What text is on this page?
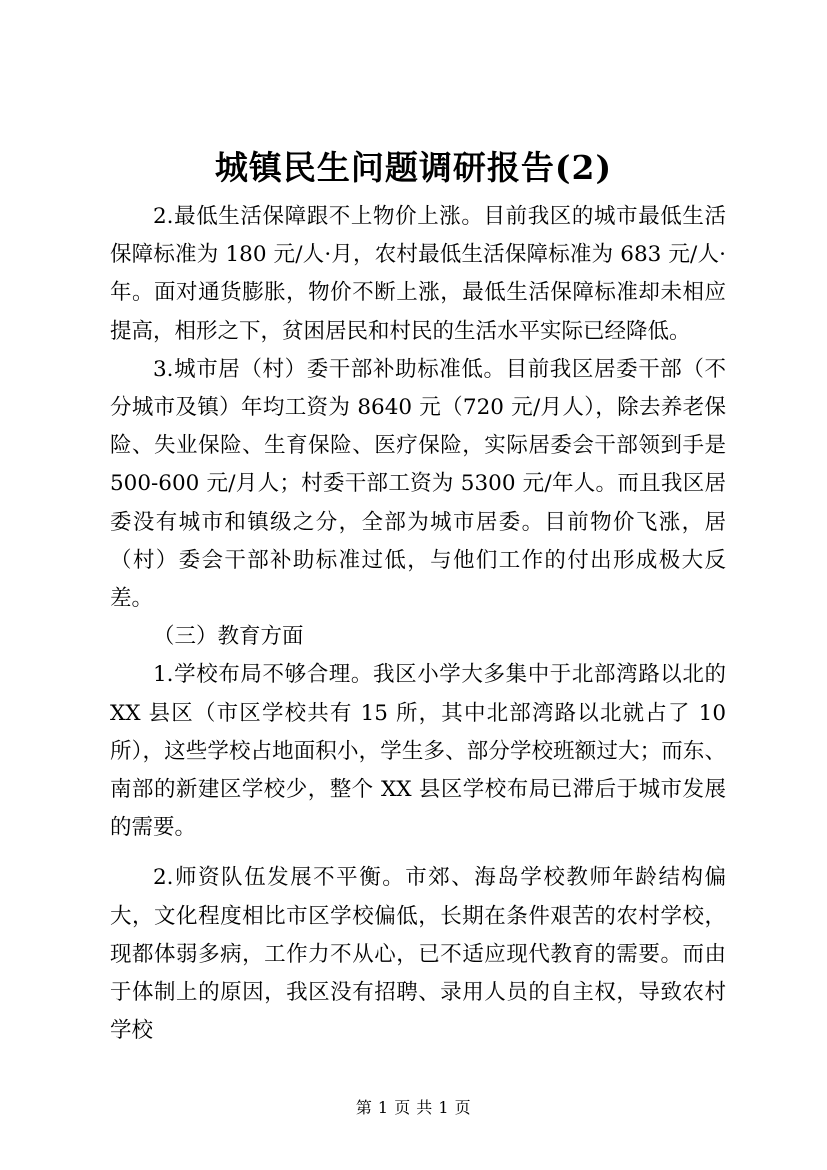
城镇民生问题调研报告(2)

2.最低生活保障跟不上物价上涨。目前我区的城市最低生活保障标准为 180 元/人·月，农村最低生活保障标准为 683 元/人·年。面对通货膨胀，物价不断上涨，最低生活保障标准却未相应提高，相形之下，贫困居民和村民的生活水平实际已经降低。

3.城市居（村）委干部补助标准低。目前我区居委干部（不分城市及镇）年均工资为 8640 元（720 元/月人），除去养老保险、失业保险、生育保险、医疗保险，实际居委会干部领到手是 500-600 元/月人；村委干部工资为 5300 元/年人。而且我区居委没有城市和镇级之分，全部为城市居委。目前物价飞涨，居（村）委会干部补助标准过低，与他们工作的付出形成极大反差。

（三）教育方面

1.学校布局不够合理。我区小学大多集中于北部湾路以北的 XX 县区（市区学校共有 15 所，其中北部湾路以北就占了 10 所），这些学校占地面积小，学生多、部分学校班额过大；而东、南部的新建区学校少，整个 XX 县区学校布局已滞后于城市发展的需要。

2.师资队伍发展不平衡。市郊、海岛学校教师年龄结构偏大，文化程度相比市区学校偏低，长期在条件艰苦的农村学校，现都体弱多病，工作力不从心，已不适应现代教育的需要。而由于体制上的原因，我区没有招聘、录用人员的自主权，导致农村学校

第 1 页 共 1 页
